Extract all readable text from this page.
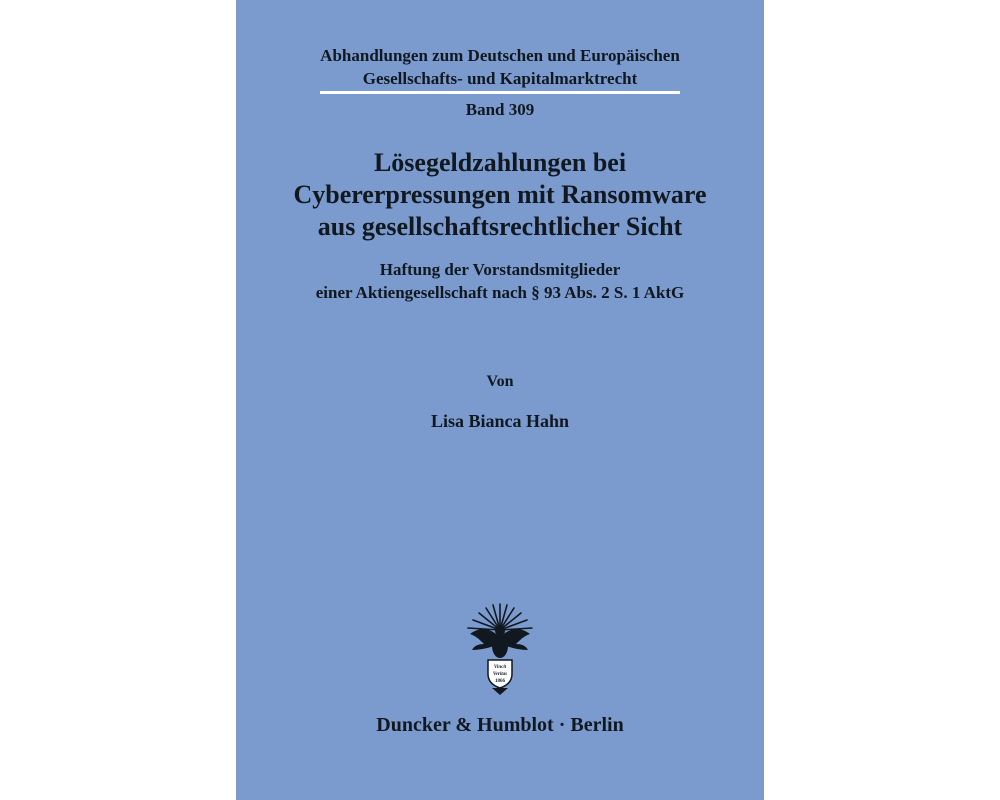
Abhandlungen zum Deutschen und Europäischen
Gesellschafts- und Kapitalmarktrecht
Band 309
Lösegeldzahlungen bei
Cybererpressungen mit Ransomware
aus gesellschaftsrechtlicher Sicht
Haftung der Vorstandsmitglieder
einer Aktiengesellschaft nach § 93 Abs. 2 S. 1 AktG
Von
Lisa Bianca Hahn
Vincit
Veritas
1866
Duncker & Humblot · Berlin
